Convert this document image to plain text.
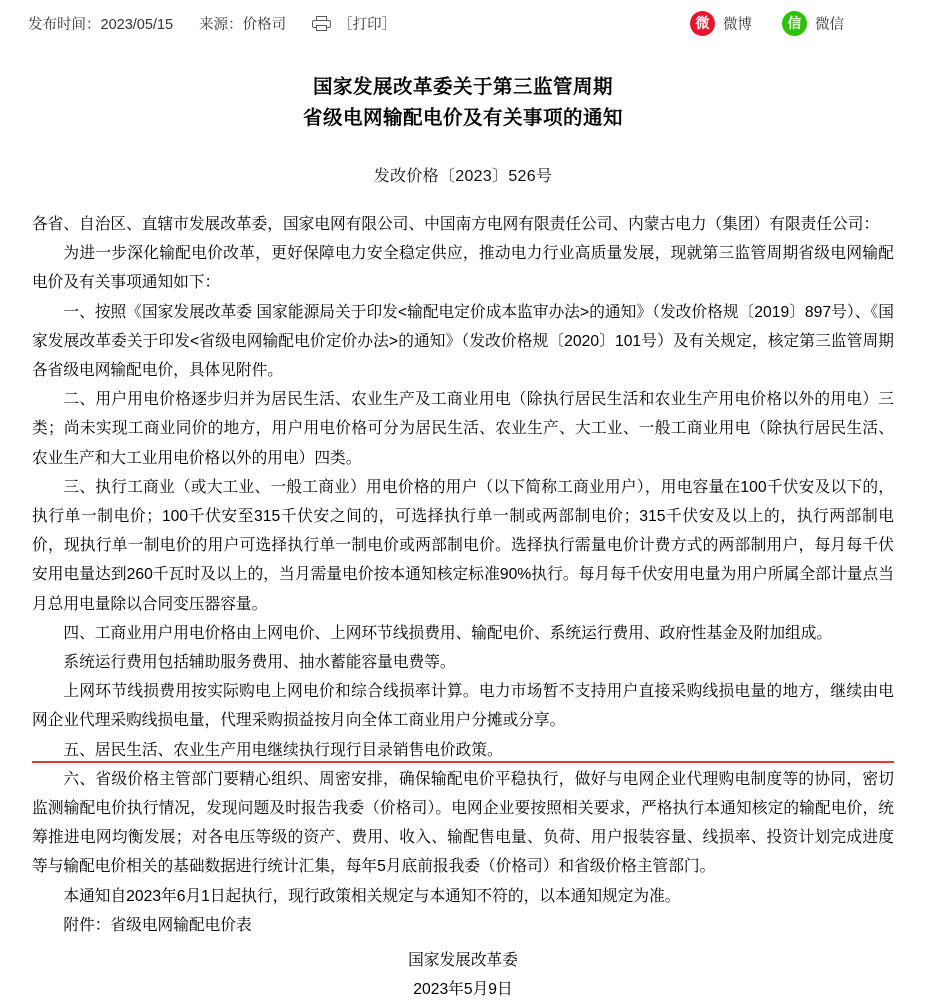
发布时间：2023/05/15 来源：价格司	［打印］	微 微博	信 微信
国家发展改革委关于第三监管周期
省级电网输配电价及有关事项的通知
发改价格〔2023〕526号

各省、自治区、直辖市发展改革委，国家电网有限公司、中国南方电网有限责任公司、内蒙古电力（集团）有限责任公司：

为进一步深化输配电价改革，更好保障电力安全稳定供应，推动电力行业高质量发展，现就第三监管周期省级电网输配电价及有关事项通知如下：

一、按照《国家发展改革委 国家能源局关于印发<输配电定价成本监审办法>的通知》（发改价格规〔2019〕897号）、《国家发展改革委关于印发<省级电网输配电价定价办法>的通知》（发改价格规〔2020〕101号）及有关规定，核定第三监管周期各省级电网输配电价，具体见附件。

二、用户用电价格逐步归并为居民生活、农业生产及工商业用电（除执行居民生活和农业生产用电价格以外的用电）三类；尚未实现工商业同价的地方，用户用电价格可分为居民生活、农业生产、大工业、一般工商业用电（除执行居民生活、农业生产和大工业用电价格以外的用电）四类。

三、执行工商业（或大工业、一般工商业）用电价格的用户（以下简称工商业用户），用电容量在100千伏安及以下的，执行单一制电价；100千伏安至315千伏安之间的，可选择执行单一制或两部制电价；315千伏安及以上的，执行两部制电价，现执行单一制电价的用户可选择执行单一制电价或两部制电价。选择执行需量电价计费方式的两部制用户，每月每千伏安用电量达到260千瓦时及以上的，当月需量电价按本通知核定标准90%执行。每月每千伏安用电量为用户所属全部计量点当月总用电量除以合同变压器容量。

四、工商业用户用电价格由上网电价、上网环节线损费用、输配电价、系统运行费用、政府性基金及附加组成。

系统运行费用包括辅助服务费用、抽水蓄能容量电费等。

上网环节线损费用按实际购电上网电价和综合线损率计算。电力市场暂不支持用户直接采购线损电量的地方，继续由电网企业代理采购线损电量，代理采购损益按月向全体工商业用户分摊或分享。

五、居民生活、农业生产用电继续执行现行目录销售电价政策。

六、省级价格主管部门要精心组织、周密安排，确保输配电价平稳执行，做好与电网企业代理购电制度等的协同，密切监测输配电价执行情况，发现问题及时报告我委（价格司）。电网企业要按照相关要求，严格执行本通知核定的输配电价，统筹推进电网均衡发展；对各电压等级的资产、费用、收入、输配售电量、负荷、用户报装容量、线损率、投资计划完成进度等与输配电价相关的基础数据进行统计汇集，每年5月底前报我委（价格司）和省级价格主管部门。

本通知自2023年6月1日起执行，现行政策相关规定与本通知不符的，以本通知规定为准。

附件：省级电网输配电价表

国家发展改革委
2023年5月9日
